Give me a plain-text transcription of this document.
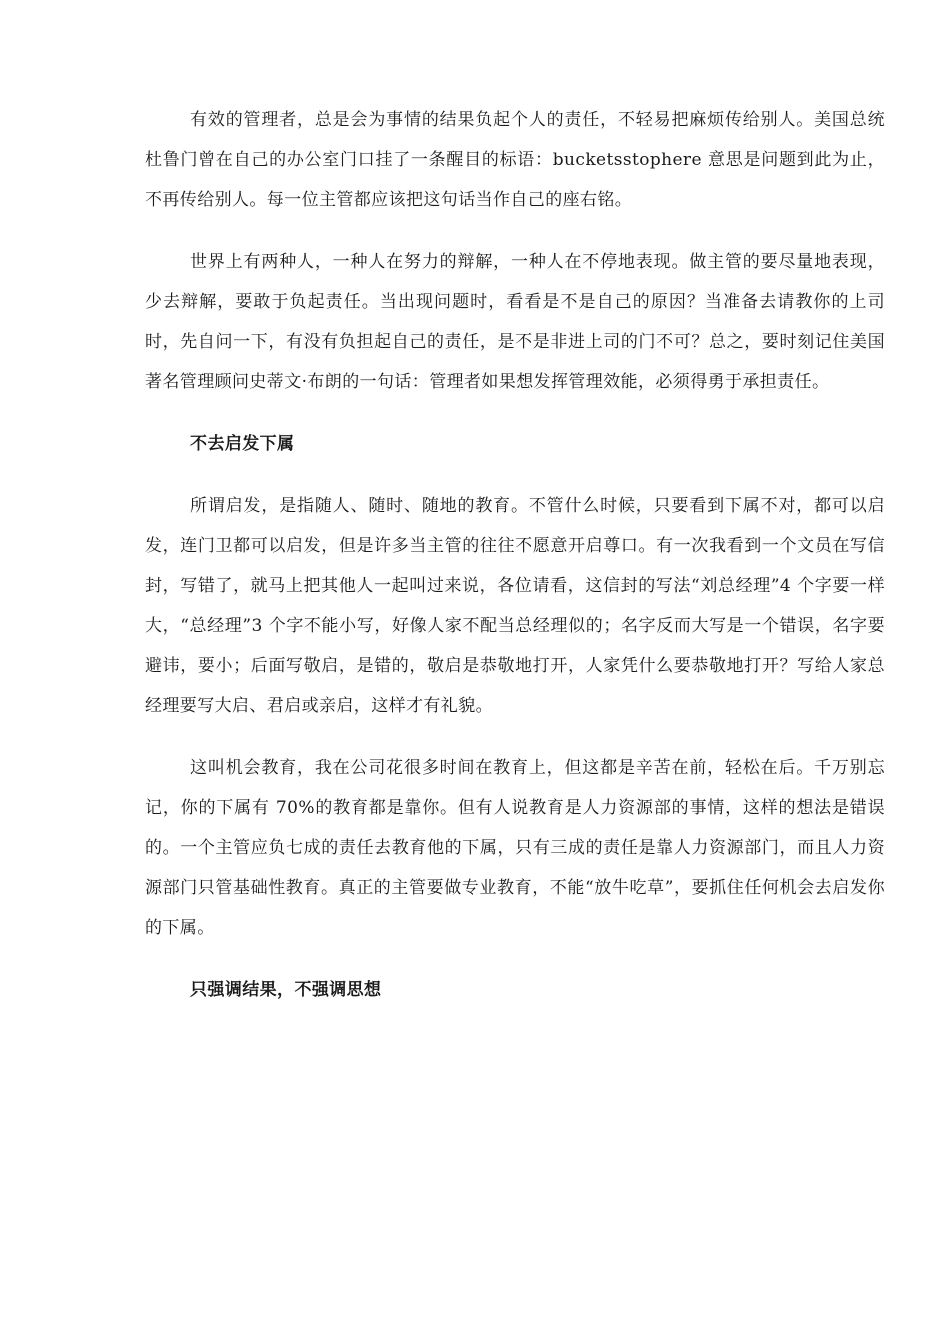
有效的管理者，总是会为事情的结果负起个人的责任，不轻易把麻烦传给别人。美国总统杜鲁门曾在自己的办公室门口挂了一条醒目的标语：bucketsstophere 意思是问题到此为止，不再传给别人。每一位主管都应该把这句话当作自己的座右铭。

世界上有两种人，一种人在努力的辩解，一种人在不停地表现。做主管的要尽量地表现，少去辩解，要敢于负起责任。当出现问题时，看看是不是自己的原因？当准备去请教你的上司时，先自问一下，有没有负担起自己的责任，是不是非进上司的门不可？总之，要时刻记住美国著名管理顾问史蒂文·布朗的一句话：管理者如果想发挥管理效能，必须得勇于承担责任。

不去启发下属

所谓启发，是指随人、随时、随地的教育。不管什么时候，只要看到下属不对，都可以启发，连门卫都可以启发，但是许多当主管的往往不愿意开启尊口。有一次我看到一个文员在写信封，写错了，就马上把其他人一起叫过来说，各位请看，这信封的写法“刘总经理”4 个字要一样大，“总经理”3 个字不能小写，好像人家不配当总经理似的；名字反而大写是一个错误，名字要避讳，要小；后面写敬启，是错的，敬启是恭敬地打开，人家凭什么要恭敬地打开？写给人家总经理要写大启、君启或亲启，这样才有礼貌。

这叫机会教育，我在公司花很多时间在教育上，但这都是辛苦在前，轻松在后。千万别忘记，你的下属有 70%的教育都是靠你。但有人说教育是人力资源部的事情，这样的想法是错误的。一个主管应负七成的责任去教育他的下属，只有三成的责任是靠人力资源部门，而且人力资源部门只管基础性教育。真正的主管要做专业教育，不能“放牛吃草”，要抓住任何机会去启发你的下属。

只强调结果，不强调思想
